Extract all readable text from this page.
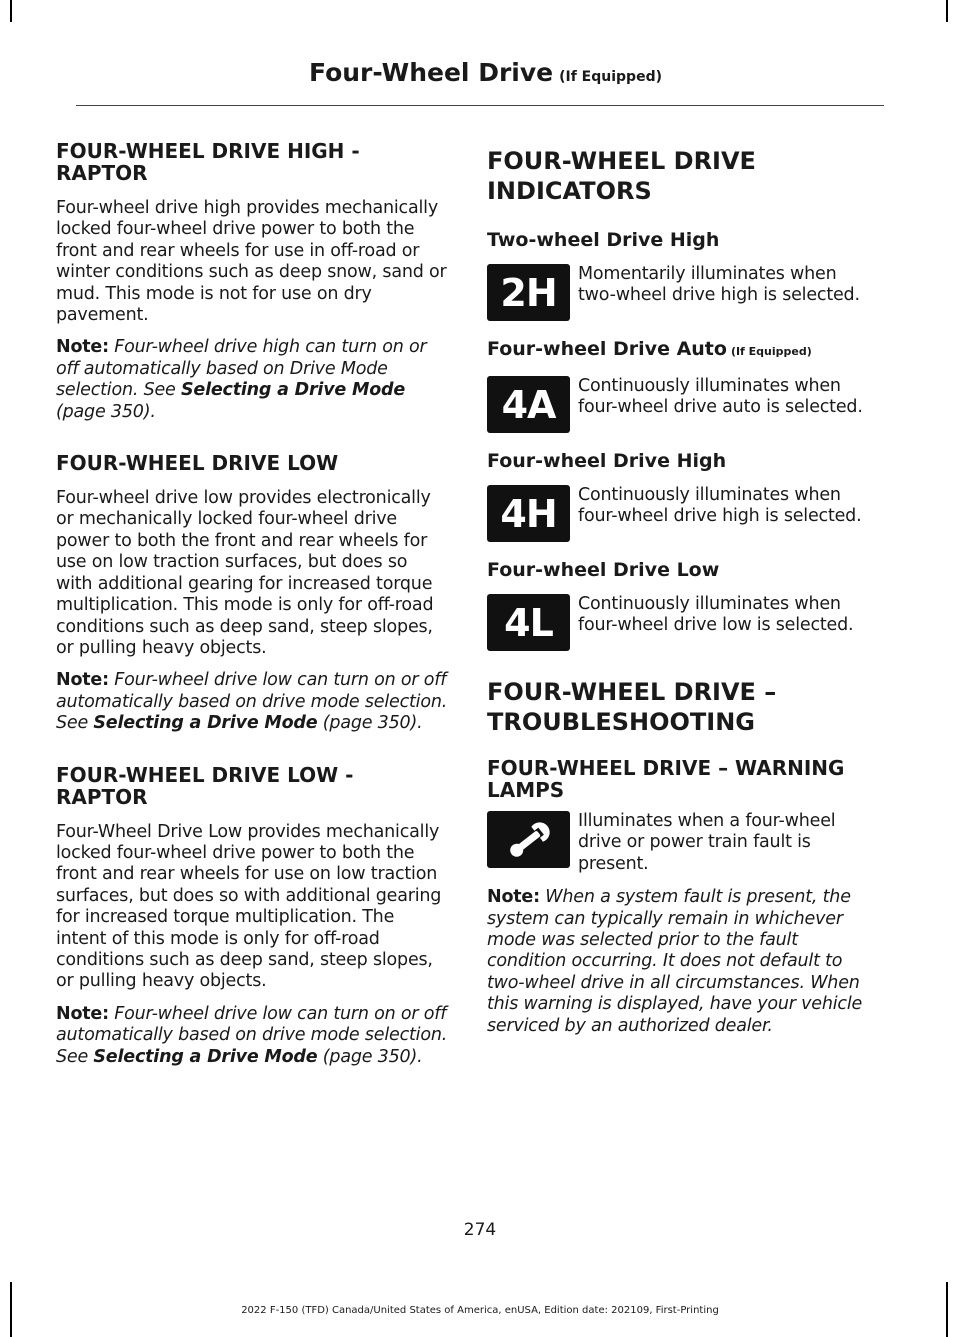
Four-Wheel Drive (If Equipped)
FOUR-WHEEL DRIVE HIGH - RAPTOR

Four-wheel drive high provides mechanically locked four-wheel drive power to both the front and rear wheels for use in off-road or winter conditions such as deep snow, sand or mud. This mode is not for use on dry pavement.

Note: Four-wheel drive high can turn on or off automatically based on Drive Mode selection. See Selecting a Drive Mode (page 350).

FOUR-WHEEL DRIVE LOW

Four-wheel drive low provides electronically or mechanically locked four-wheel drive power to both the front and rear wheels for use on low traction surfaces, but does so with additional gearing for increased torque multiplication. This mode is only for off-road conditions such as deep sand, steep slopes, or pulling heavy objects.

Note: Four-wheel drive low can turn on or off automatically based on drive mode selection. See Selecting a Drive Mode (page 350).

FOUR-WHEEL DRIVE LOW - RAPTOR

Four-Wheel Drive Low provides mechanically locked four-wheel drive power to both the front and rear wheels for use on low traction surfaces, but does so with additional gearing for increased torque multiplication. The intent of this mode is only for off-road conditions such as deep sand, steep slopes, or pulling heavy objects.

Note: Four-wheel drive low can turn on or off automatically based on drive mode selection. See Selecting a Drive Mode (page 350).

FOUR-WHEEL DRIVE
INDICATORS
Two-wheel Drive High
2H	Momentarily illuminates when two-wheel drive high is selected.
Four-wheel Drive Auto (If Equipped)
4A	Continuously illuminates when four-wheel drive auto is selected.
Four-wheel Drive High
4H	Continuously illuminates when four-wheel drive high is selected.
Four-wheel Drive Low
4L	Continuously illuminates when four-wheel drive low is selected.
FOUR-WHEEL DRIVE –
TROUBLESHOOTING
FOUR-WHEEL DRIVE – WARNING LAMPS
Illuminates when a four-wheel drive or power train fault is present.

Note: When a system fault is present, the system can typically remain in whichever mode was selected prior to the fault condition occurring. It does not default to two-wheel drive in all circumstances. When this warning is displayed, have your vehicle serviced by an authorized dealer.

274
2022 F-150 (TFD) Canada/United States of America, enUSA, Edition date: 202109, First-Printing
